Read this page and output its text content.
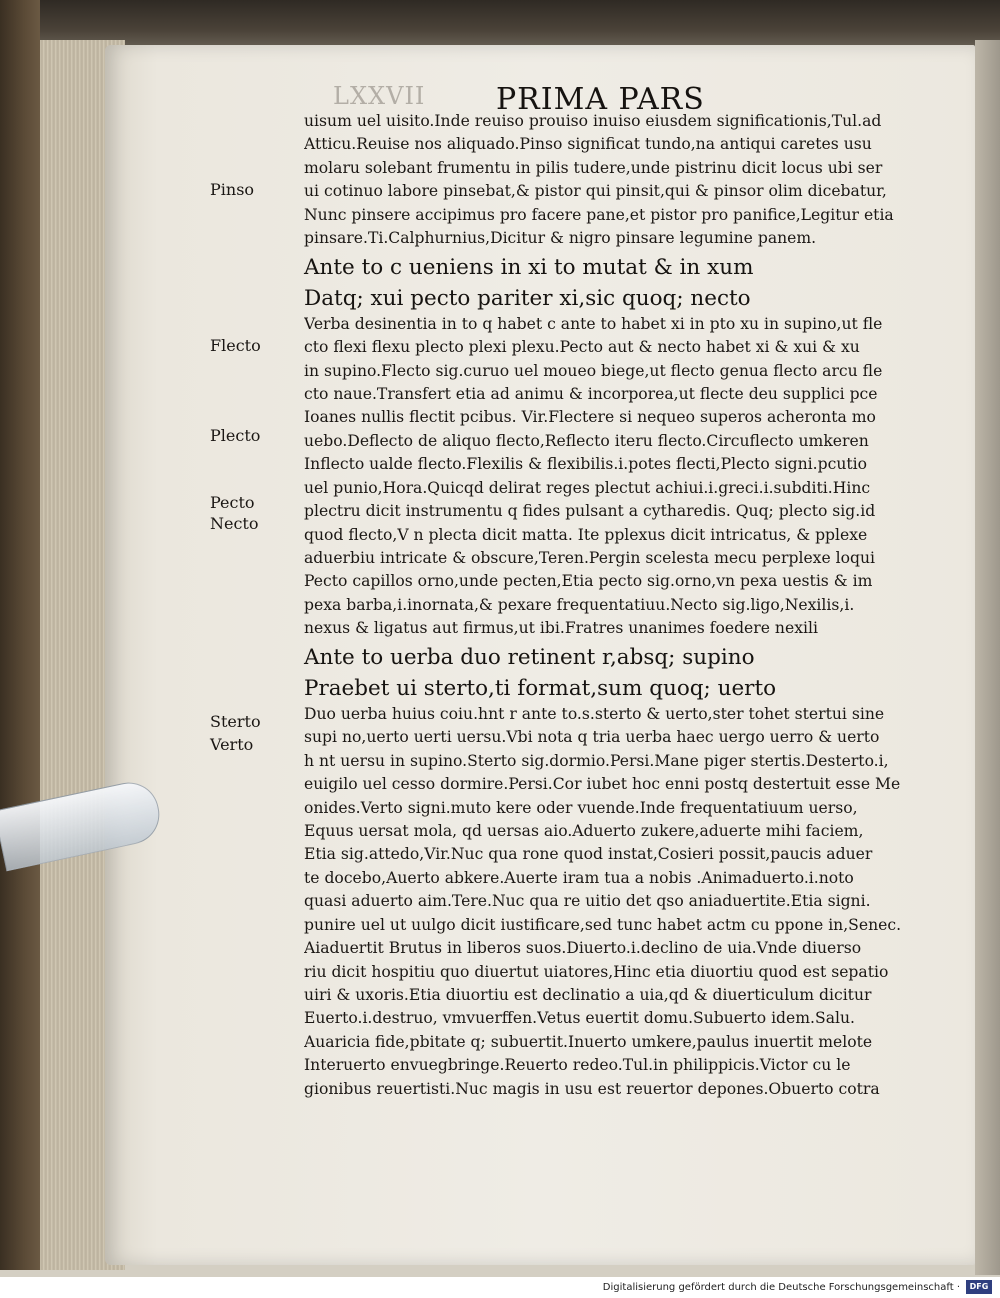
LXXVII PRIMA PARS
Pinso
Flecto
Plecto
Pecto
Necto
Sterto
Verto
uisum uel uisito.Inde reuiso prouiso inuiso eiusdem significationis,Tul.ad
Atticu.Reuise nos aliquado.Pinso significat tundo,na antiqui caretes usu
molaru solebant frumentu in pilis tudere,unde pistrinu dicit locus ubi ser
ui cotinuo labore pinsebat,& pistor qui pinsit,qui & pinsor olim dicebatur,
Nunc pinsere accipimus pro facere pane,et pistor pro panifice,Legitur etia
pinsare.Ti.Calphurnius,Dicitur & nigro pinsare legumine panem.
Ante to c ueniens in xi to mutat & in xum
Datq; xui pecto pariter xi,sic quoq; necto
Verba desinentia in to q habet c ante to habet xi in pto xu in supino,ut fle
cto flexi flexu plecto plexi plexu.Pecto aut & necto habet xi & xui & xu
in supino.Flecto sig.curuo uel moueo biege,ut flecto genua flecto arcu fle
cto naue.Transfert etia ad animu & incorporea,ut flecte deu supplici pce
Ioanes nullis flectit pcibus. Vir.Flectere si nequeo superos acheronta mo
uebo.Deflecto de aliquo flecto,Reflecto iteru flecto.Circuflecto umkeren
Inflecto ualde flecto.Flexilis & flexibilis.i.potes flecti,Plecto signi.pcutio
uel punio,Hora.Quicqd delirat reges plectut achiui.i.greci.i.subditi.Hinc
plectru dicit instrumentu q fides pulsant a cytharedis. Quq; plecto sig.id
quod flecto,V n plecta dicit matta. Ite pplexus dicit intricatus, & pplexe
aduerbiu intricate & obscure,Teren.Pergin scelesta mecu perplexe loqui
Pecto capillos orno,unde pecten,Etia pecto sig.orno,vn pexa uestis & im
pexa barba,i.inornata,& pexare frequentatiuu.Necto sig.ligo,Nexilis,i.
nexus & ligatus aut firmus,ut ibi.Fratres unanimes foedere nexili
Ante to uerba duo retinent r,absq; supino
Praebet ui sterto,ti format,sum quoq; uerto
Duo uerba huius coiu.hnt r ante to.s.sterto & uerto,ster tohet stertui sine
supi no,uerto uerti uersu.Vbi nota q tria uerba haec uergo uerro & uerto
h nt uersu in supino.Sterto sig.dormio.Persi.Mane piger stertis.Desterto.i,
euigilo uel cesso dormire.Persi.Cor iubet hoc enni postq destertuit esse Me
onides.Verto signi.muto kere oder vuende.Inde frequentatiuum uerso,
Equus uersat mola, qd uersas aio.Aduerto zukere,aduerte mihi faciem,
Etia sig.attedo,Vir.Nuc qua rone quod instat,Cosieri possit,paucis aduer
te docebo,Auerto abkere.Auerte iram tua a nobis .Animaduerto.i.noto
quasi aduerto aim.Tere.Nuc qua re uitio det qso aniaduertite.Etia signi.
punire uel ut uulgo dicit iustificare,sed tunc habet actm cu ppone in,Senec.
Aiaduertit Brutus in liberos suos.Diuerto.i.declino de uia.Vnde diuerso
riu dicit hospitiu quo diuertut uiatores,Hinc etia diuortiu quod est sepatio
uiri & uxoris.Etia diuortiu est declinatio a uia,qd & diuerticulum dicitur
Euerto.i.destruo, vmvuerffen.Vetus euertit domu.Subuerto idem.Salu.
Auaricia fide,pbitate q; subuertit.Inuerto umkere,paulus inuertit melote
Interuerto envuegbringe.Reuerto redeo.Tul.in philippicis.Victor cu le
gionibus reuertisti.Nuc magis in usu est reuertor depones.Obuerto cotra
Digitalisierung gefördert durch die Deutsche Forschungsgemeinschaft ·	DFG
